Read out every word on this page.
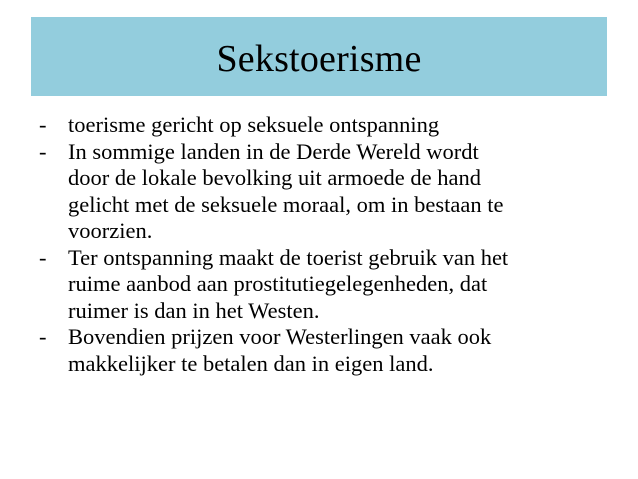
Sekstoerisme
- toerisme gericht op seksuele ontspanning
- In sommige landen in de Derde Wereld wordt
door de lokale bevolking uit armoede de hand
gelicht met de seksuele moraal, om in bestaan te
voorzien.
- Ter ontspanning maakt de toerist gebruik van het
ruime aanbod aan prostitutiegelegenheden, dat
ruimer is dan in het Westen.
- Bovendien prijzen voor Westerlingen vaak ook
makkelijker te betalen dan in eigen land.
